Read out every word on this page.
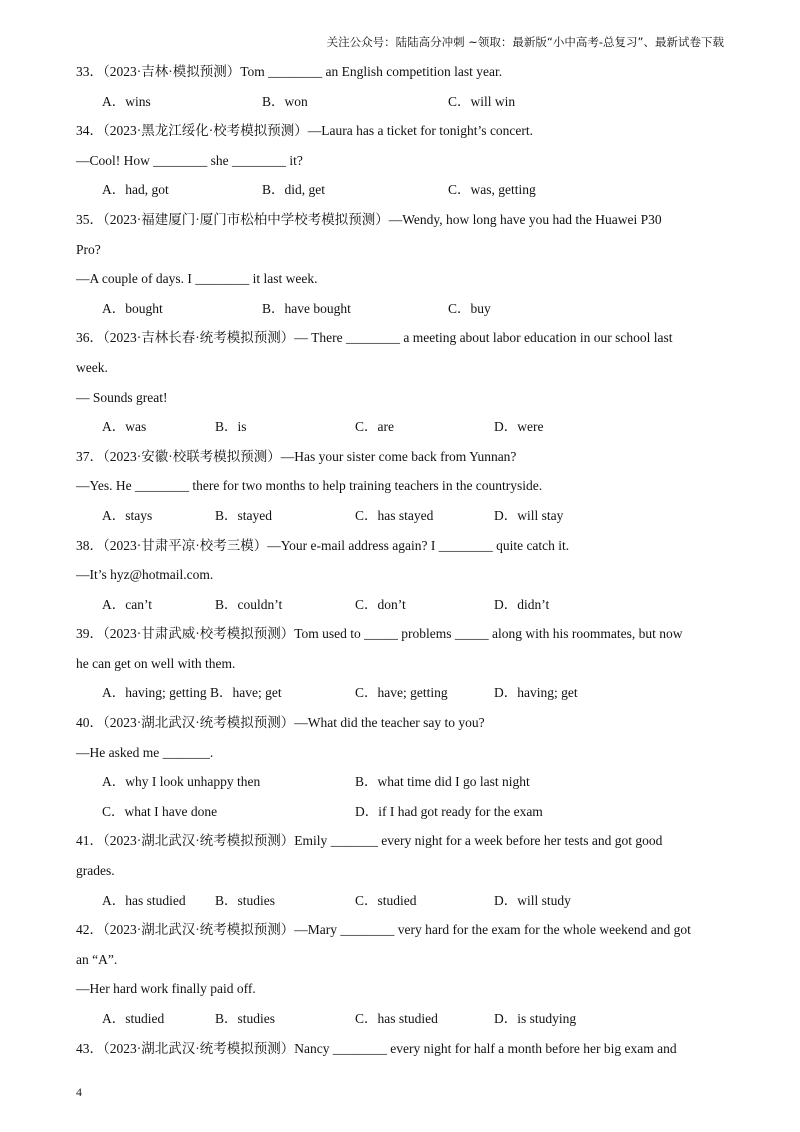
关注公众号：陆陆高分冲刺 ~领取：最新版“小中高考-总复习”、最新试卷下载
33．（2023·吉林·模拟预测）Tom ________ an English competition last year.
A．wins	B．won	C．will win
34．（2023·黑龙江绥化·校考模拟预测）—Laura has a ticket for tonight’s concert.
—Cool! How ________ she ________ it?
A．had, got	B．did, get	C．was, getting
35．（2023·福建厦门·厦门市松柏中学校考模拟预测）—Wendy, how long have you had the Huawei P30
Pro?
—A couple of days. I ________ it last week.
A．bought	B．have bought	C．buy
36．（2023·吉林长春·统考模拟预测）— There ________ a meeting about labor education in our school last
week.
— Sounds great!
A．was	B．is	C．are	D．were
37．（2023·安徽·校联考模拟预测）—Has your sister come back from Yunnan?
—Yes. He ________ there for two months to help training teachers in the countryside.
A．stays	B．stayed	C．has stayed	D．will stay
38．（2023·甘肃平凉·校考三模）—Your e-mail address again? I ________ quite catch it.
—It’s hyz@hotmail.com.
A．can’t	B．couldn’t	C．don’t	D．didn’t
39．（2023·甘肃武威·校考模拟预测）Tom used to _____ problems _____ along with his roommates, but now
he can get on well with them.
A．having; getting B．have; get	C．have; getting	D．having; get
40．（2023·湖北武汉·统考模拟预测）—What did the teacher say to you?
—He asked me _______.
A．why I look unhappy then	B．what time did I go last night
C．what I have done	D．if I had got ready for the exam
41．（2023·湖北武汉·统考模拟预测）Emily _______ every night for a week before her tests and got good
grades.
A．has studied B．studies	C．studied	D．will study
42．（2023·湖北武汉·统考模拟预测）—Mary ________ very hard for the exam for the whole weekend and got
an “A”.
—Her hard work finally paid off.
A．studied	B．studies	C．has studied	D．is studying
43．（2023·湖北武汉·统考模拟预测）Nancy ________ every night for half a month before her big exam and
4
